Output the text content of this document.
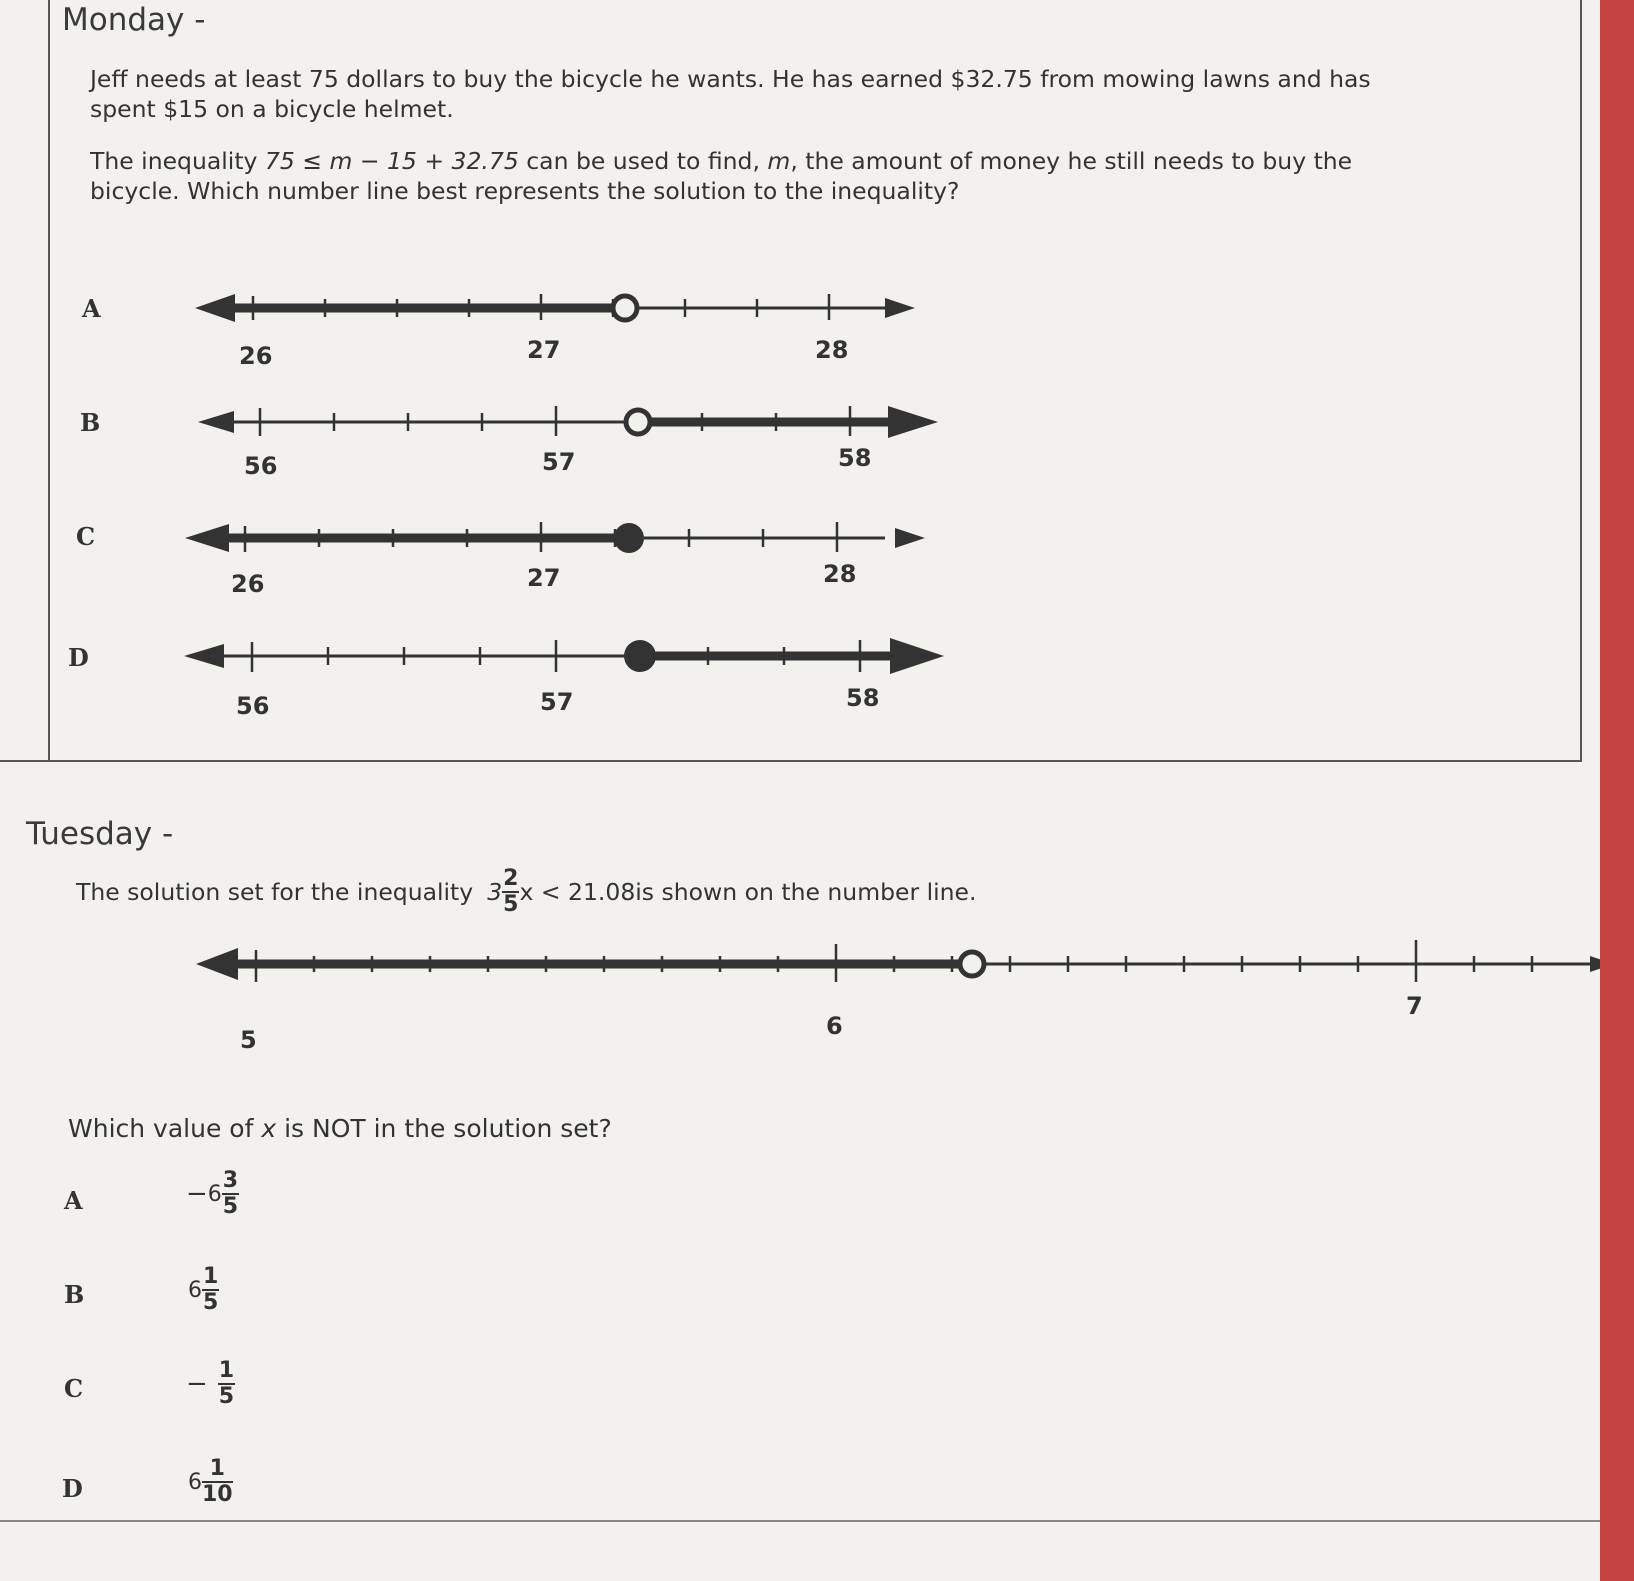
Monday -
Jeff needs at least 75 dollars to buy the bicycle he wants. He has earned $32.75 from mowing lawns and has
spent $15 on a bicycle helmet.
The inequality 75 ≤ m − 15 + 32.75 can be used to find, m, the amount of money he still needs to buy the
bicycle. Which number line best represents the solution to the inequality?
A
26	27	28
B
56	57	58
C
26	27	28
D
56	57	58
Tuesday -
The solution set for the inequality $3 \frac{2}{5}$ x < 21.08 is shown on the number line.
5	6
7
Which value of x is NOT in the solution set?
A	− $6 \frac{3}{5}$
B	$6 \frac{1}{5}$
C	− $\frac{1}{5}$
D	$6 \frac{1}{10}$
